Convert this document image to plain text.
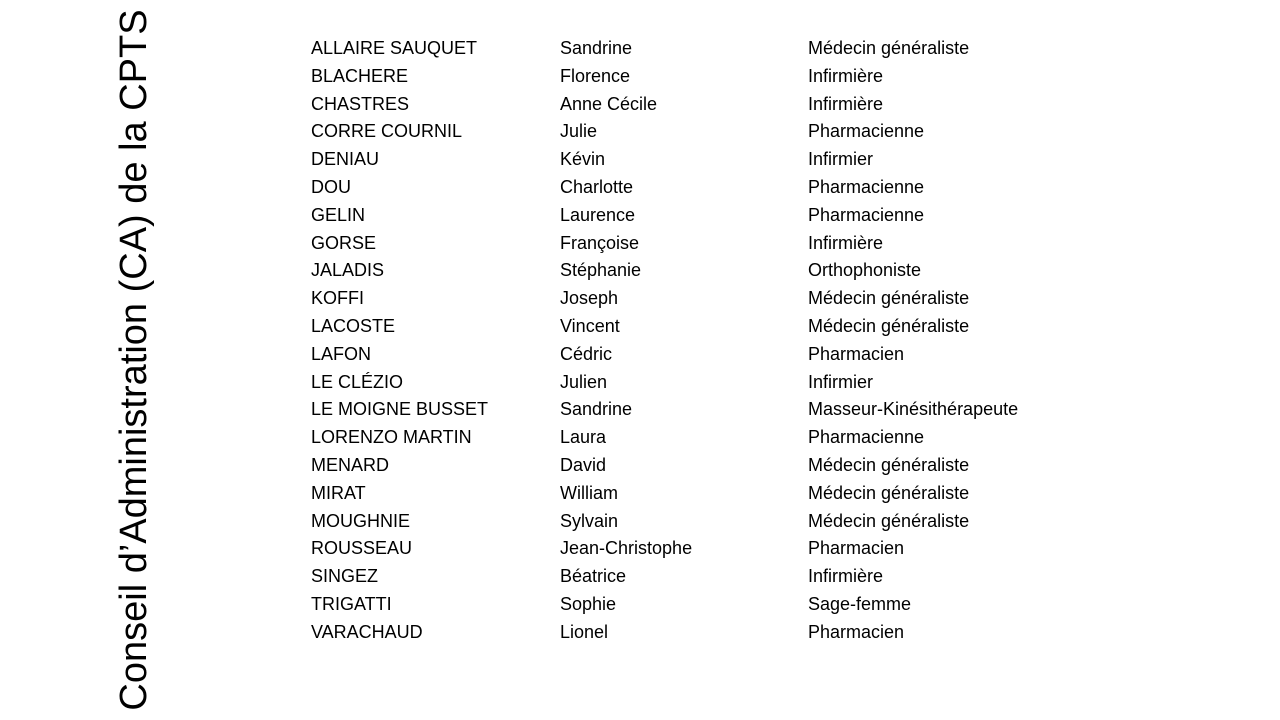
Conseil d’Administration (CA) de la CPTS	ALLAIRE SAUQUET	Sandrine	Médecin généraliste
BLACHERE	Florence	Infirmière
CHASTRES	Anne Cécile	Infirmière
CORRE COURNIL	Julie	Pharmacienne
DENIAU	Kévin	Infirmier
DOU	Charlotte	Pharmacienne
GELIN	Laurence	Pharmacienne
GORSE	Françoise	Infirmière
JALADIS	Stéphanie	Orthophoniste
KOFFI	Joseph	Médecin généraliste
LACOSTE	Vincent	Médecin généraliste
LAFON	Cédric	Pharmacien
LE CLÉZIO	Julien	Infirmier
LE MOIGNE BUSSET	Sandrine	Masseur-Kinésithérapeute
LORENZO MARTIN	Laura	Pharmacienne
MENARD	David	Médecin généraliste
MIRAT	William	Médecin généraliste
MOUGHNIE	Sylvain	Médecin généraliste
ROUSSEAU	Jean-Christophe	Pharmacien
SINGEZ	Béatrice	Infirmière
TRIGATTI	Sophie	Sage-femme
VARACHAUD	Lionel	Pharmacien
